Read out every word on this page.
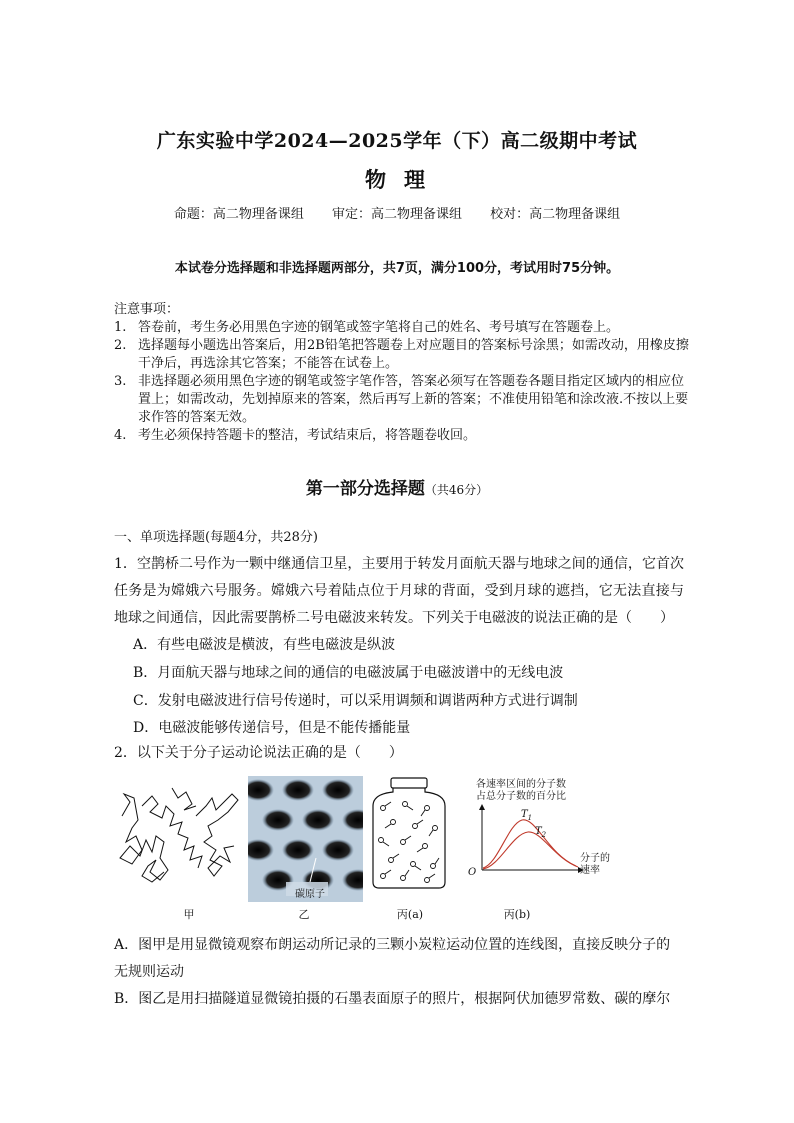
广东实验中学2024—2025学年（下）高二级期中考试
物理
命题：高二物理备课组 审定：高二物理备课组 校对：高二物理备课组
本试卷分选择题和非选择题两部分，共7页，满分100分，考试用时75分钟。
注意事项：
1. 答卷前，考生务必用黑色字迹的钢笔或签字笔将自己的姓名、考号填写在答题卷上。
2. 选择题每小题选出答案后，用2B铅笔把答题卷上对应题目的答案标号涂黑；如需改动，用橡皮擦干净后，再选涂其它答案；不能答在试卷上。
3. 非选择题必须用黑色字迹的钢笔或签字笔作答，答案必须写在答题卷各题目指定区域内的相应位置上；如需改动，先划掉原来的答案，然后再写上新的答案；不准使用铅笔和涂改液.不按以上要求作答的答案无效。
4. 考生必须保持答题卡的整洁，考试结束后，将答题卷收回。
第一部分选择题（共46分）
一、单项选择题(每题4分，共28分)
1．空鹊桥二号作为一颗中继通信卫星，主要用于转发月面航天器与地球之间的通信，它首次任务是为嫦娥六号服务。嫦娥六号着陆点位于月球的背面，受到月球的遮挡，它无法直接与地球之间通信，因此需要鹊桥二号电磁波来转发。下列关于电磁波的说法正确的是（　　）
A．有些电磁波是横波，有些电磁波是纵波
B．月面航天器与地球之间的通信的电磁波属于电磁波谱中的无线电波
C．发射电磁波进行信号传递时，可以采用调频和调谐两种方式进行调制
D．电磁波能够传递信号，但是不能传播能量
2．以下关于分子运动论说法正确的是（　　）
甲
碳原子
乙	丙(a)
各速率区间的分子数
占总分子数的百分比
$T_1$
$T_2$
O
分子的
速率
丙(b)
A．图甲是用显微镜观察布朗运动所记录的三颗小炭粒运动位置的连线图，直接反映分子的
无规则运动
B．图乙是用扫描隧道显微镜拍摄的石墨表面原子的照片，根据阿伏加德罗常数、碳的摩尔
